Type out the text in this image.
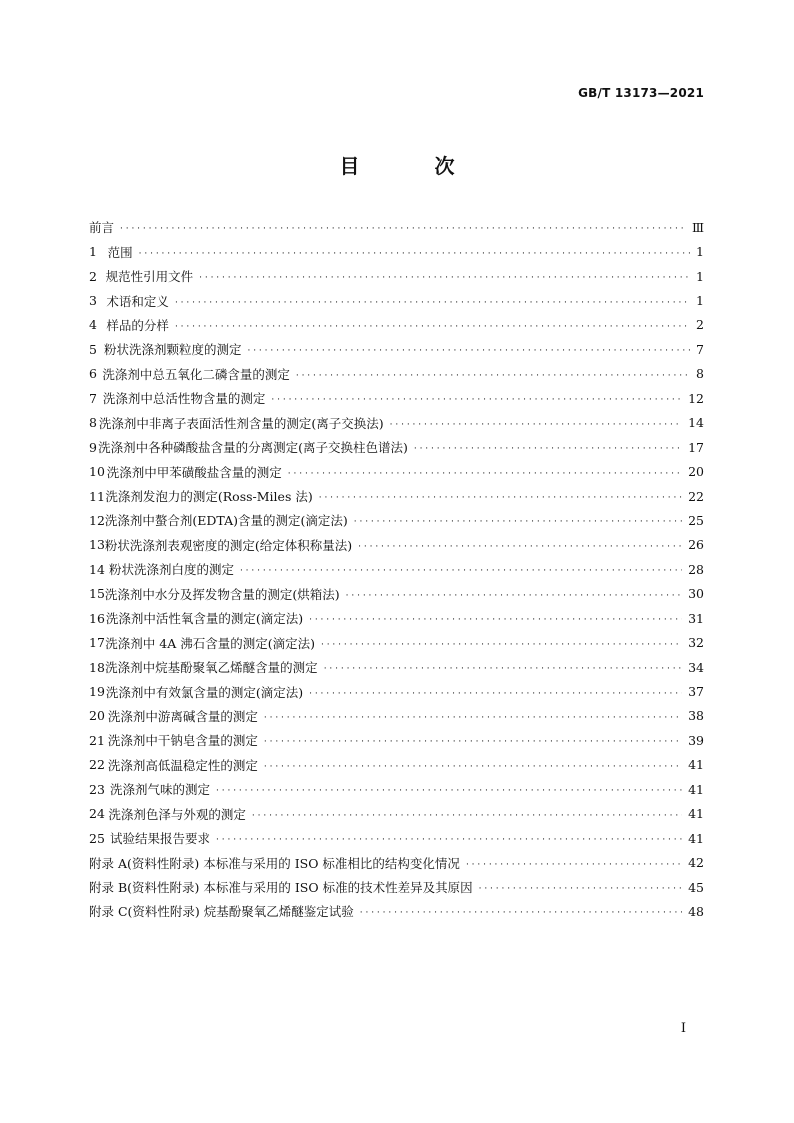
GB/T 13173—2021
目 次
前言 · · ·	Ⅲ
1 范围 · · ·	1
2 规范性引用文件 · · ·	1
3 术语和定义 · · ·	1
4 样品的分样 · · ·	2
5 粉状洗涤剂颗粒度的测定 · · ·	7
6 洗涤剂中总五氧化二磷含量的测定 · · ·	8
7 洗涤剂中总活性物含量的测定 · · ·	12
8 洗涤剂中非离子表面活性剂含量的测定(离子交换法) · · ·	14
9 洗涤剂中各种磷酸盐含量的分离测定(离子交换柱色谱法) · · ·	17
10 洗涤剂中甲苯磺酸盐含量的测定 · · ·	20
11 洗涤剂发泡力的测定(Ross-Miles 法) · · ·	22
12 洗涤剂中螯合剂(EDTA)含量的测定(滴定法) · · ·	25
13 粉状洗涤剂表观密度的测定(给定体积称量法) · · ·	26
14 粉状洗涤剂白度的测定 · · ·	28
15 洗涤剂中水分及挥发物含量的测定(烘箱法) · · ·	30
16 洗涤剂中活性氧含量的测定(滴定法) · · ·	31
17 洗涤剂中 4A 沸石含量的测定(滴定法) · · ·	32
18 洗涤剂中烷基酚聚氧乙烯醚含量的测定 · · ·	34
19 洗涤剂中有效氯含量的测定(滴定法) · · ·	37
20 洗涤剂中游离碱含量的测定 · · ·	38
21 洗涤剂中干钠皂含量的测定 · · ·	39
22 洗涤剂高低温稳定性的测定 · · ·	41
23 洗涤剂气味的测定 · · ·	41
24 洗涤剂色泽与外观的测定 · · ·	41
25 试验结果报告要求 · · ·	41
附录 A(资料性附录) 本标准与采用的 ISO 标准相比的结构变化情况 · · ·	42
附录 B(资料性附录) 本标准与采用的 ISO 标准的技术性差异及其原因 · · ·	45
附录 C(资料性附录) 烷基酚聚氧乙烯醚鉴定试验 · · ·	48
I
